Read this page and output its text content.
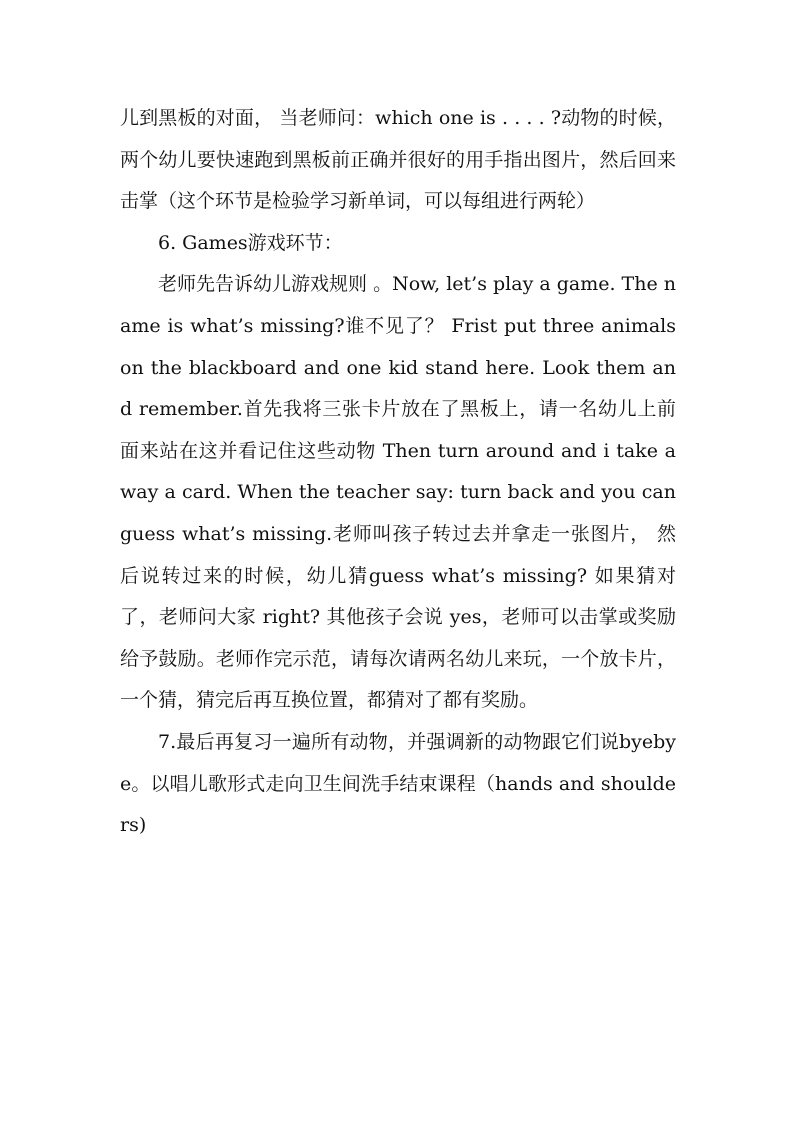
儿到黑板的对面， 当老师问：which one is . . . . ?动物的时候，两个幼儿要快速跑到黑板前正确并很好的用手指出图片，然后回来击掌（这个环节是检验学习新单词，可以每组进行两轮）

6. Games游戏环节：

老师先告诉幼儿游戏规则 。Now, let’s play a game. The name is what’s missing?谁不见了？ Frist put three animals on the blackboard and one kid stand here. Look them and remember.首先我将三张卡片放在了黑板上，请一名幼儿上前面来站在这并看记住这些动物 Then turn around and i take away a card. When the teacher say: turn back and you can guess what’s missing.老师叫孩子转过去并拿走一张图片， 然后说转过来的时候，幼儿猜guess what’s missing? 如果猜对了，老师问大家 right? 其他孩子会说 yes，老师可以击掌或奖励给予鼓励。老师作完示范，请每次请两名幼儿来玩，一个放卡片，一个猜，猜完后再互换位置，都猜对了都有奖励。

7.最后再复习一遍所有动物，并强调新的动物跟它们说byebye。以唱儿歌形式走向卫生间洗手结束课程（hands and shoulders)
